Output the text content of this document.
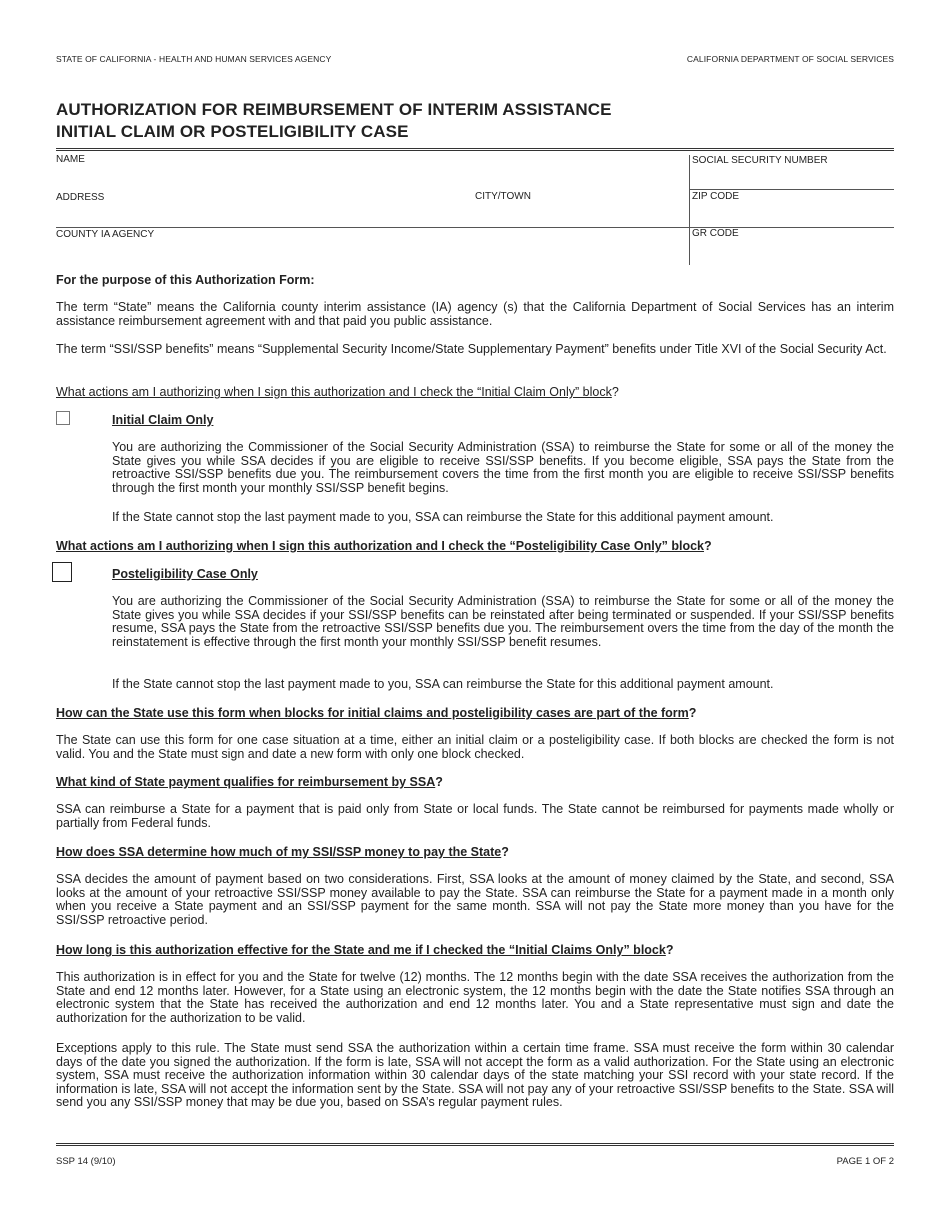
STATE OF CALIFORNIA - HEALTH AND HUMAN SERVICES AGENCY	CALIFORNIA DEPARTMENT OF SOCIAL SERVICES
AUTHORIZATION FOR REIMBURSEMENT OF INTERIM ASSISTANCE
INITIAL CLAIM OR POSTELIGIBILITY CASE
NAME	SOCIAL SECURITY NUMBER
ADDRESS	CITY/TOWN	ZIP CODE
COUNTY IA AGENCY	GR CODE
For the purpose of this Authorization Form:
The term “State” means the California county interim assistance (IA) agency (s) that the California Department of Social Services has an interim assistance reimbursement agreement with and that paid you public assistance.
The term “SSI/SSP benefits” means “Supplemental Security Income/State Supplementary Payment” benefits under Title XVI of the Social Security Act.
What actions am I authorizing when I sign this authorization and I check the “Initial Claim Only” block?
Initial Claim Only
You are authorizing the Commissioner of the Social Security Administration (SSA) to reimburse the State for some or all of the money the State gives you while SSA decides if you are eligible to receive SSI/SSP benefits. If you become eligible, SSA pays the State from the retroactive SSI/SSP benefits due you. The reimbursement covers the time from the first month you are eligible to receive SSI/SSP benefits through the first month your monthly SSI/SSP benefit begins.
If the State cannot stop the last payment made to you, SSA can reimburse the State for this additional payment amount.
What actions am I authorizing when I sign this authorization and I check the “Posteligibility Case Only” block?
Posteligibility Case Only
You are authorizing the Commissioner of the Social Security Administration (SSA) to reimburse the State for some or all of the money the State gives you while SSA decides if your SSI/SSP benefits can be reinstated after being terminated or suspended. If your SSI/SSP benefits resume, SSA pays the State from the retroactive SSI/SSP benefits due you. The reimbursement overs the time from the day of the month the reinstatement is effective through the first month your monthly SSI/SSP benefit resumes.
If the State cannot stop the last payment made to you, SSA can reimburse the State for this additional payment amount.
How can the State use this form when blocks for initial claims and posteligibility cases are part of the form?
The State can use this form for one case situation at a time, either an initial claim or a posteligibility case. If both blocks are checked the form is not valid. You and the State must sign and date a new form with only one block checked.
What kind of State payment qualifies for reimbursement by SSA?
SSA can reimburse a State for a payment that is paid only from State or local funds. The State cannot be reimbursed for payments made wholly or partially from Federal funds.
How does SSA determine how much of my SSI/SSP money to pay the State?
SSA decides the amount of payment based on two considerations. First, SSA looks at the amount of money claimed by the State, and second, SSA looks at the amount of your retroactive SSI/SSP money available to pay the State. SSA can reimburse the State for a payment made in a month only when you receive a State payment and an SSI/SSP payment for the same month. SSA will not pay the State more money than you have for the SSI/SSP retroactive period.
How long is this authorization effective for the State and me if I checked the “Initial Claims Only” block?
This authorization is in effect for you and the State for twelve (12) months. The 12 months begin with the date SSA receives the authorization from the State and end 12 months later. However, for a State using an electronic system, the 12 months begin with the date the State notifies SSA through an electronic system that the State has received the authorization and end 12 months later. You and a State representative must sign and date the authorization for the authorization to be valid.
Exceptions apply to this rule. The State must send SSA the authorization within a certain time frame. SSA must receive the form within 30 calendar days of the date you signed the authorization. If the form is late, SSA will not accept the form as a valid authorization. For the State using an electronic system, SSA must receive the authorization information within 30 calendar days of the state matching your SSI record with your state record. If the information is late, SSA will not accept the information sent by the State. SSA will not pay any of your retroactive SSI/SSP benefits to the State. SSA will send you any SSI/SSP money that may be due you, based on SSA’s regular payment rules.
SSP 14 (9/10)	PAGE 1 OF 2
